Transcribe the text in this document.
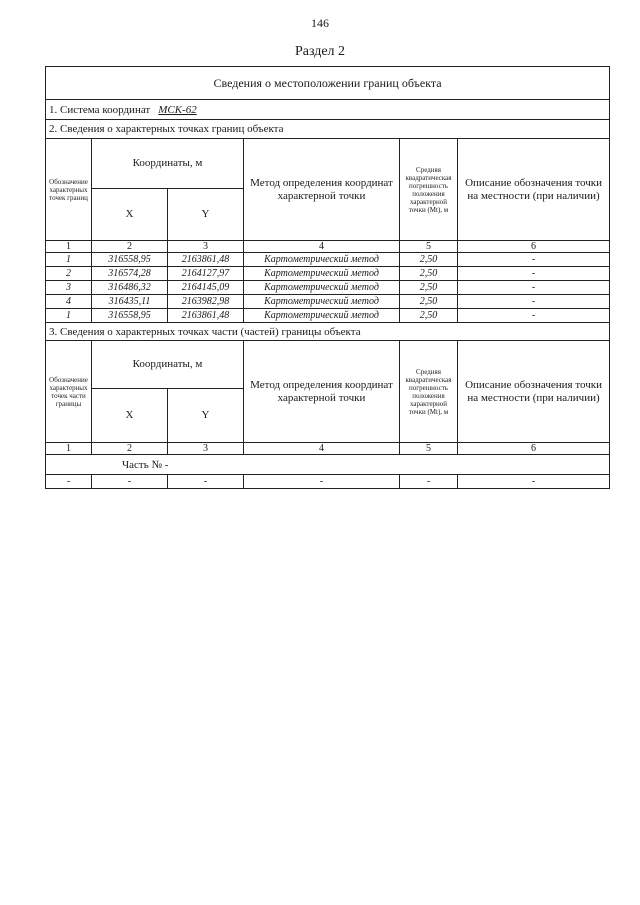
146
Раздел 2
Сведения о местоположении границ объекта					
1. Система координат МСК-62					
2. Сведения о характерных точках границ объекта					
Обозначение характерных точек границ	Координаты, м		Метод определения координат характерной точки	Средняя квадратическая погрешность положения характерной точки (Mt), м	Описание обозначения точки на местности (при наличии)
	X	Y			
1	2	3	4	5	6
1	316558,95	2163861,48	Картометрический метод	2,50	-
2	316574,28	2164127,97	Картометрический метод	2,50	-
3	316486,32	2164145,09	Картометрический метод	2,50	-
4	316435,11	2163982,98	Картометрический метод	2,50	-
1	316558,95	2163861,48	Картометрический метод	2,50	-
3. Сведения о характерных точках части (частей) границы объекта					
Обозначение характерных точек части границы	Координаты, м		Метод определения координат характерной точки	Средняя квадратическая погрешность положения характерной точки (Mt), м	Описание обозначения точки на местности (при наличии)
	X	Y			
1	2	3	4	5	6
Часть № -					
-	-	-	-	-	-
